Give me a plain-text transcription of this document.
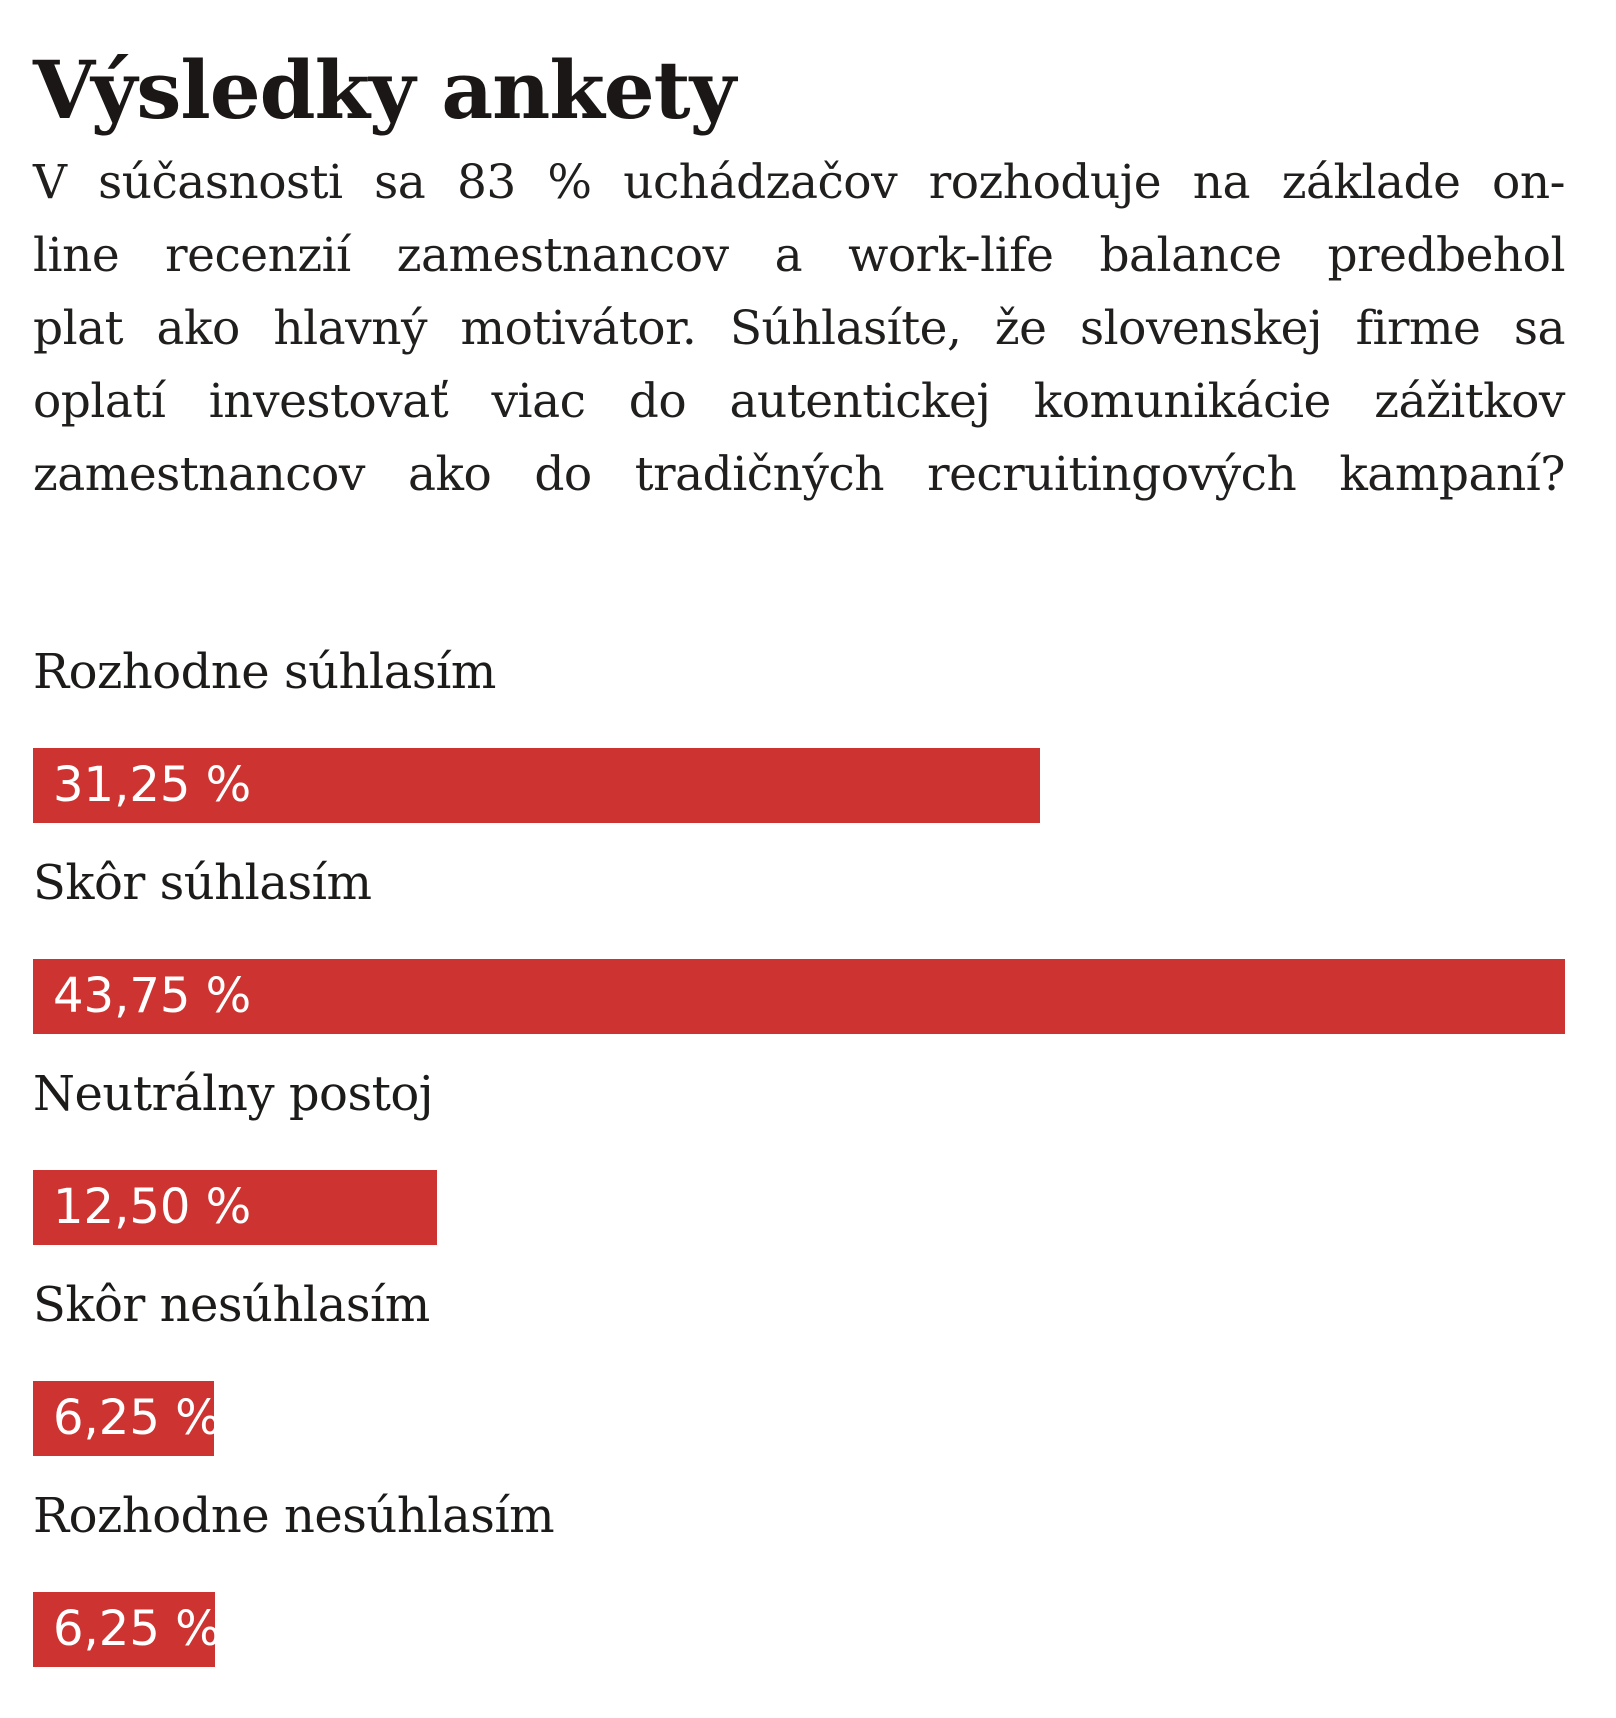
Výsledky ankety
V súčasnosti sa 83 % uchádzačov rozhoduje na základe on-
line recenzií zamestnancov a work-life balance predbehol
plat ako hlavný motivátor. Súhlasíte, že slovenskej firme sa
oplatí investovať viac do autentickej komunikácie zážitkov
zamestnancov ako do tradičných recruitingových kampaní?
Rozhodne súhlasím
31,25 %
Skôr súhlasím
43,75 %
Neutrálny postoj
12,50 %
Skôr nesúhlasím
6,25 %
Rozhodne nesúhlasím
6,25 %
